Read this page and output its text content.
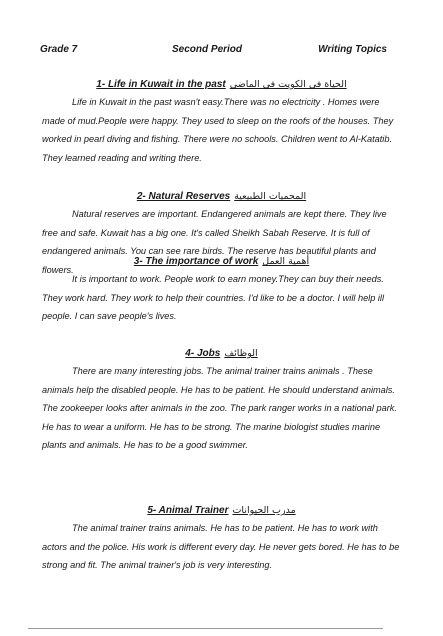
Grade 7	Second Period	Writing Topics
1- Life in Kuwait in the past الحياة في الكويت في الماضي
Life in Kuwait in the past wasn't easy.There was no electricity . Homes were made of mud.People were happy. They used to sleep on the roofs of the houses. They worked in pearl diving and fishing. There were no schools. Children went to Al-Katatib. They learned reading and writing there.
2- Natural Reserves المحميات الطبيعية
Natural reserves are important. Endangered animals are kept there. They live free and safe. Kuwait has a big one. It's called Sheikh Sabah Reserve. It is full of endangered animals. You can see rare birds. The reserve has beautiful plants and flowers.
3- The importance of work أهمية العمل
It is important to work. People work to earn money.They can buy their needs. They work hard. They work to help their countries. I'd like to be a doctor. I will help ill people. I can save people's lives.
4- Jobs الوظائف
There are many interesting jobs. The animal trainer trains animals . These animals help the disabled people. He has to be patient. He should understand animals. The zookeeper looks after animals in the zoo. The park ranger works in a national park. He has to wear a uniform. He has to be strong. The marine biologist studies marine plants and animals. He has to be a good swimmer.
5- Animal Trainer مدرب الحيوانات
The animal trainer trains animals. He has to be patient. He has to work with actors and the police. His work is different every day. He never gets bored. He has to be strong and fit. The animal trainer's job is very interesting.
